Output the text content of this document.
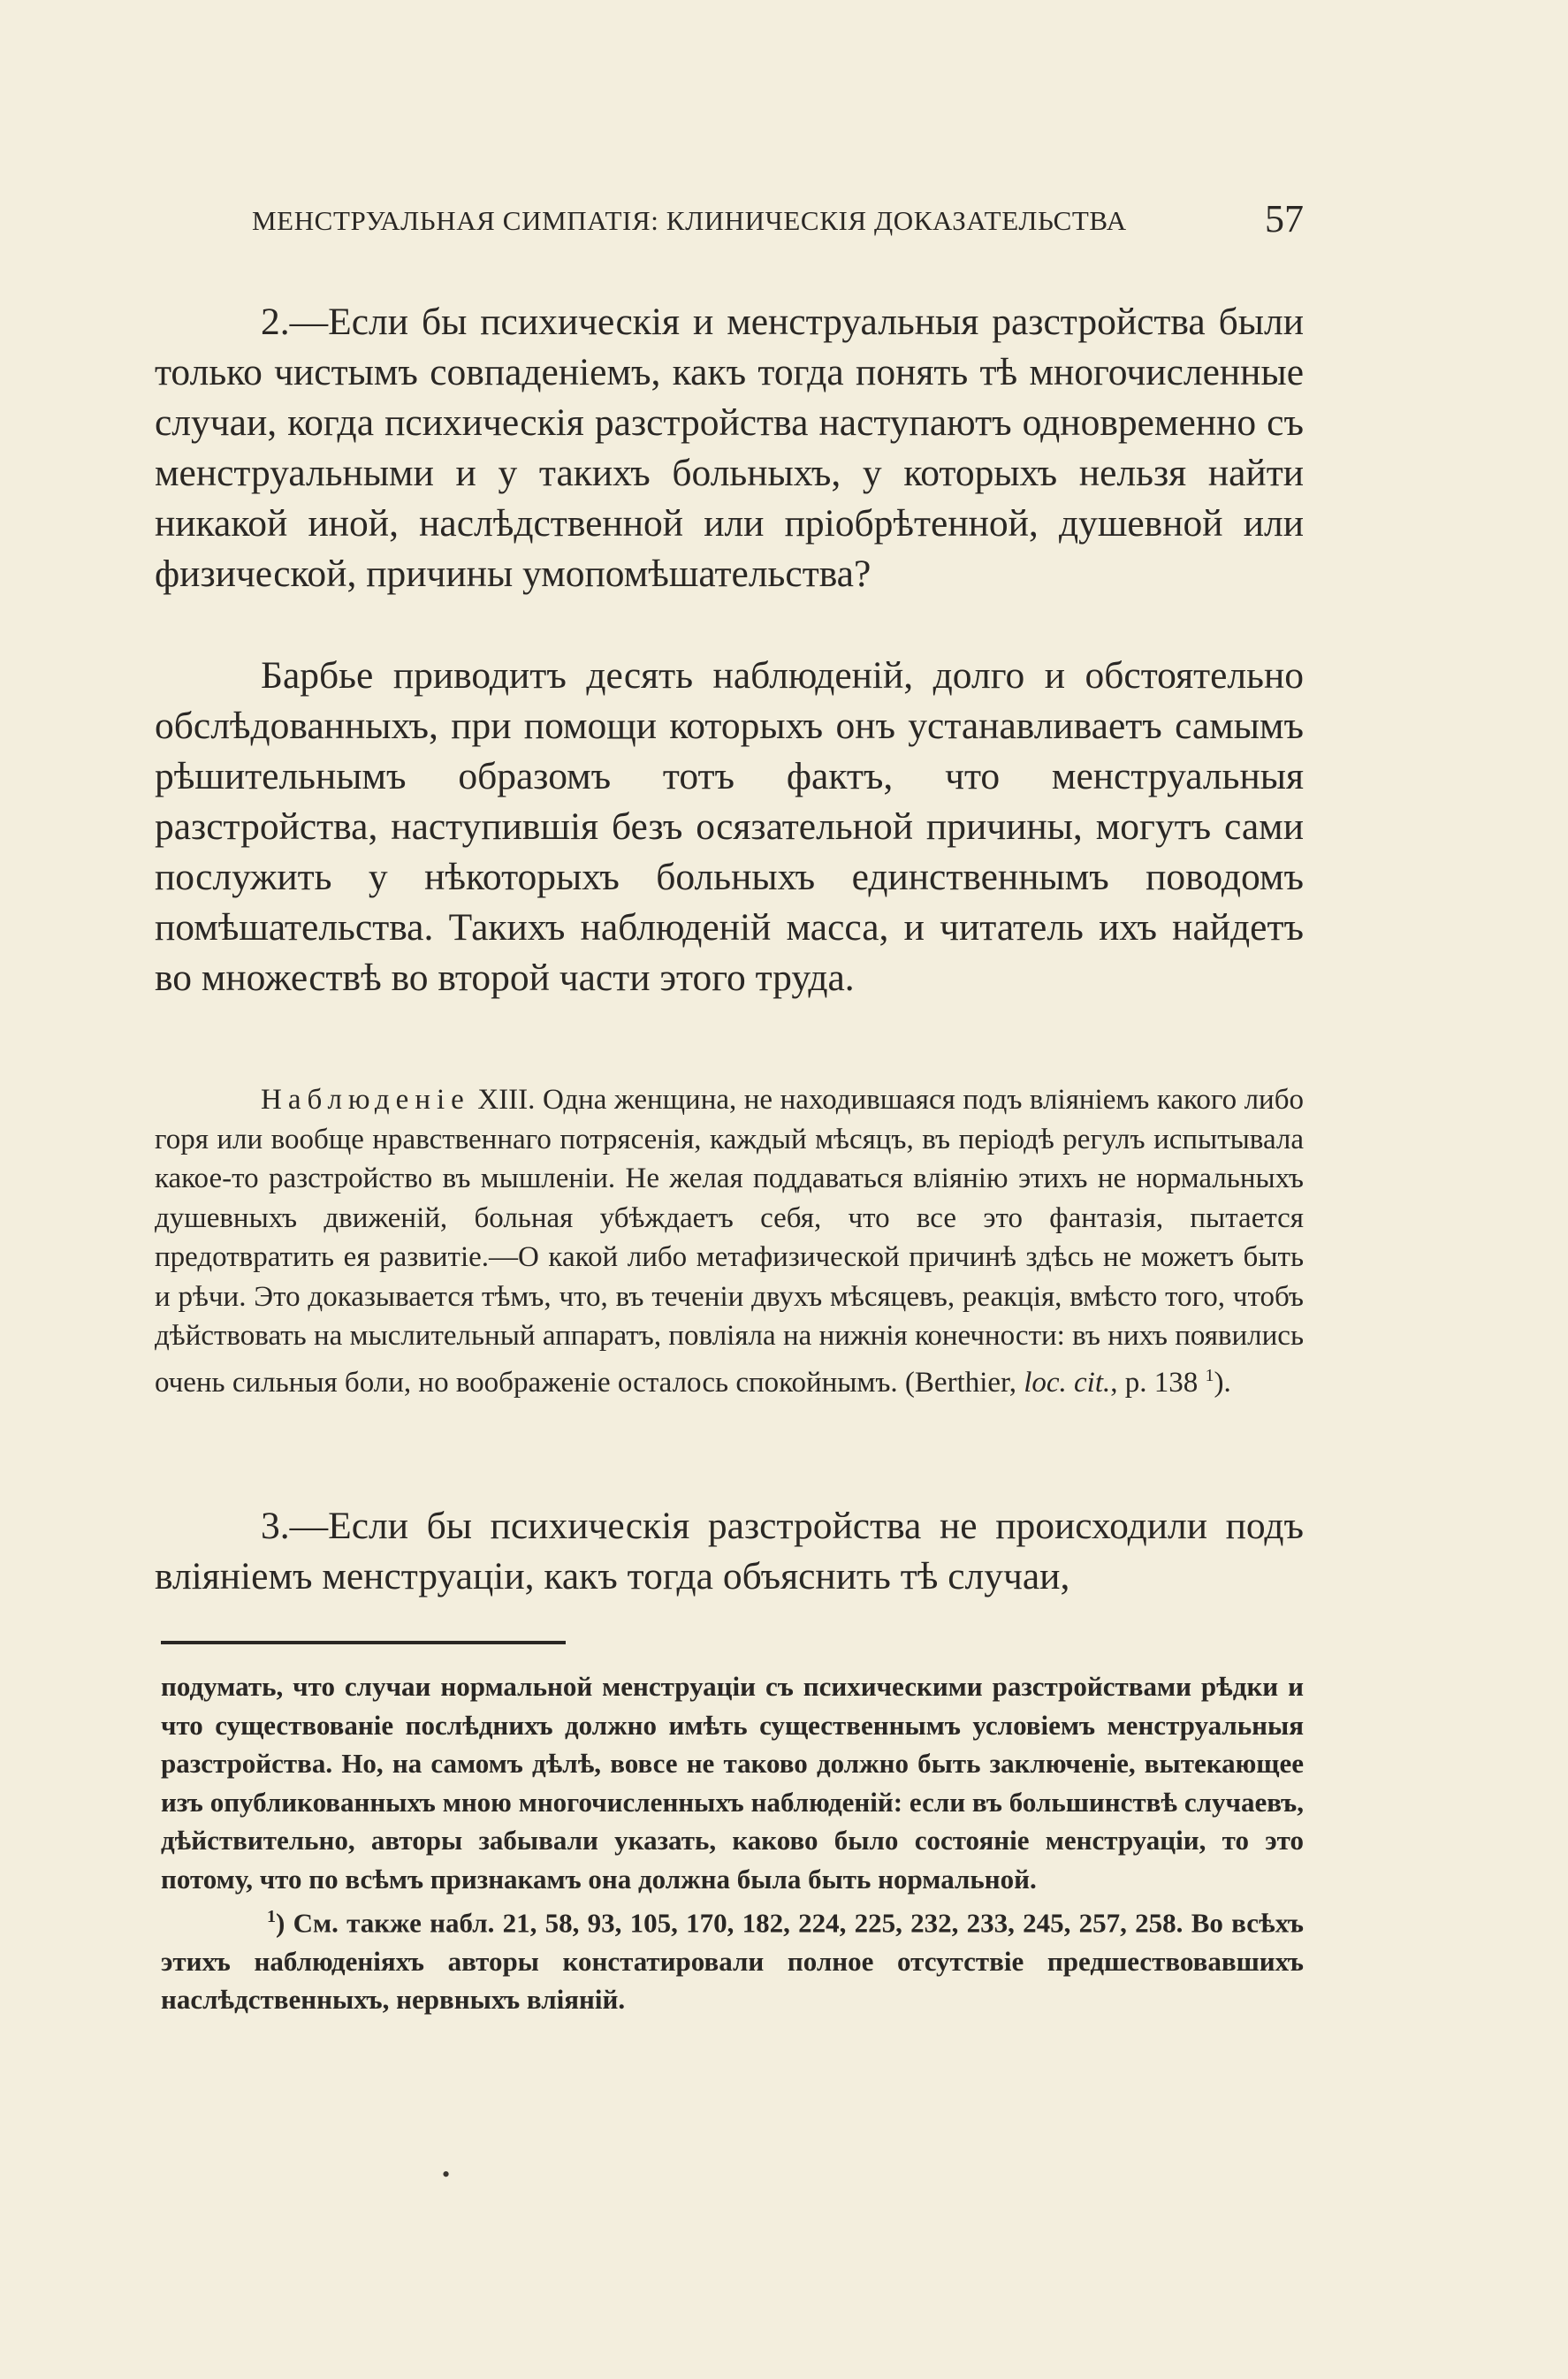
МЕНСТРУАЛЬНАЯ СИМПАТІЯ: КЛИНИЧЕСКІЯ ДОКАЗАТЕЛЬСТВА	57

2.—Если бы психическія и менструальныя разстройства были только чистымъ совпаденіемъ, какъ тогда понять тѣ многочисленные случаи, когда психическія разстройства наступаютъ одновременно съ менструальными и у такихъ больныхъ, у которыхъ нельзя найти никакой иной, наслѣдственной или пріобрѣтенной, душевной или физической, причины умопомѣшательства?

Барбье приводитъ десять наблюденій, долго и обстоятельно обслѣдованныхъ, при помощи которыхъ онъ устанавливаетъ самымъ рѣшительнымъ образомъ тотъ фактъ, что менструальныя разстройства, наступившія безъ осязательной причины, могутъ сами послужить у нѣкоторыхъ больныхъ единственнымъ поводомъ помѣшательства. Такихъ наблюденій масса, и читатель ихъ найдетъ во множествѣ во второй части этого труда.

Наблюденіе XIII. Одна женщина, не находившаяся подъ вліяніемъ какого либо горя или вообще нравственнаго потрясенія, каждый мѣсяцъ, въ періодѣ регулъ испытывала какое-то разстройство въ мышленіи. Не желая поддаваться вліянію этихъ не нормальныхъ душевныхъ движеній, больная убѣждаетъ себя, что все это фантазія, пытается предотвратить ея развитіе.—О какой либо метафизической причинѣ здѣсь не можетъ быть и рѣчи. Это доказывается тѣмъ, что, въ теченіи двухъ мѣсяцевъ, реакція, вмѣсто того, чтобъ дѣйствовать на мыслительный аппаратъ, повліяла на нижнія конечности: въ нихъ появились очень сильныя боли, но воображеніе осталось спокойнымъ. (Berthier, loc. cit., p. 138 $^1$).

3.—Если бы психическія разстройства не происходили подъ вліяніемъ менструаціи, какъ тогда объяснить тѣ случаи,

подумать, что случаи нормальной менструаціи съ психическими разстройствами рѣдки и что существованіе послѣднихъ должно имѣть существеннымъ условіемъ менструальныя разстройства. Но, на самомъ дѣлѣ, вовсе не таково должно быть заключеніе, вытекающее изъ опубликованныхъ мною многочисленныхъ наблюденій: если въ большинствѣ случаевъ, дѣйствительно, авторы забывали указать, каково было состояніе менструаціи, то это потому, что по всѣмъ признакамъ она должна была быть нормальной.

$^1$) См. также набл. 21, 58, 93, 105, 170, 182, 224, 225, 232, 233, 245, 257, 258. Во всѣхъ этихъ наблюденіяхъ авторы констатировали полное отсутствіе предшествовавшихъ наслѣдственныхъ, нервныхъ вліяній.

•
